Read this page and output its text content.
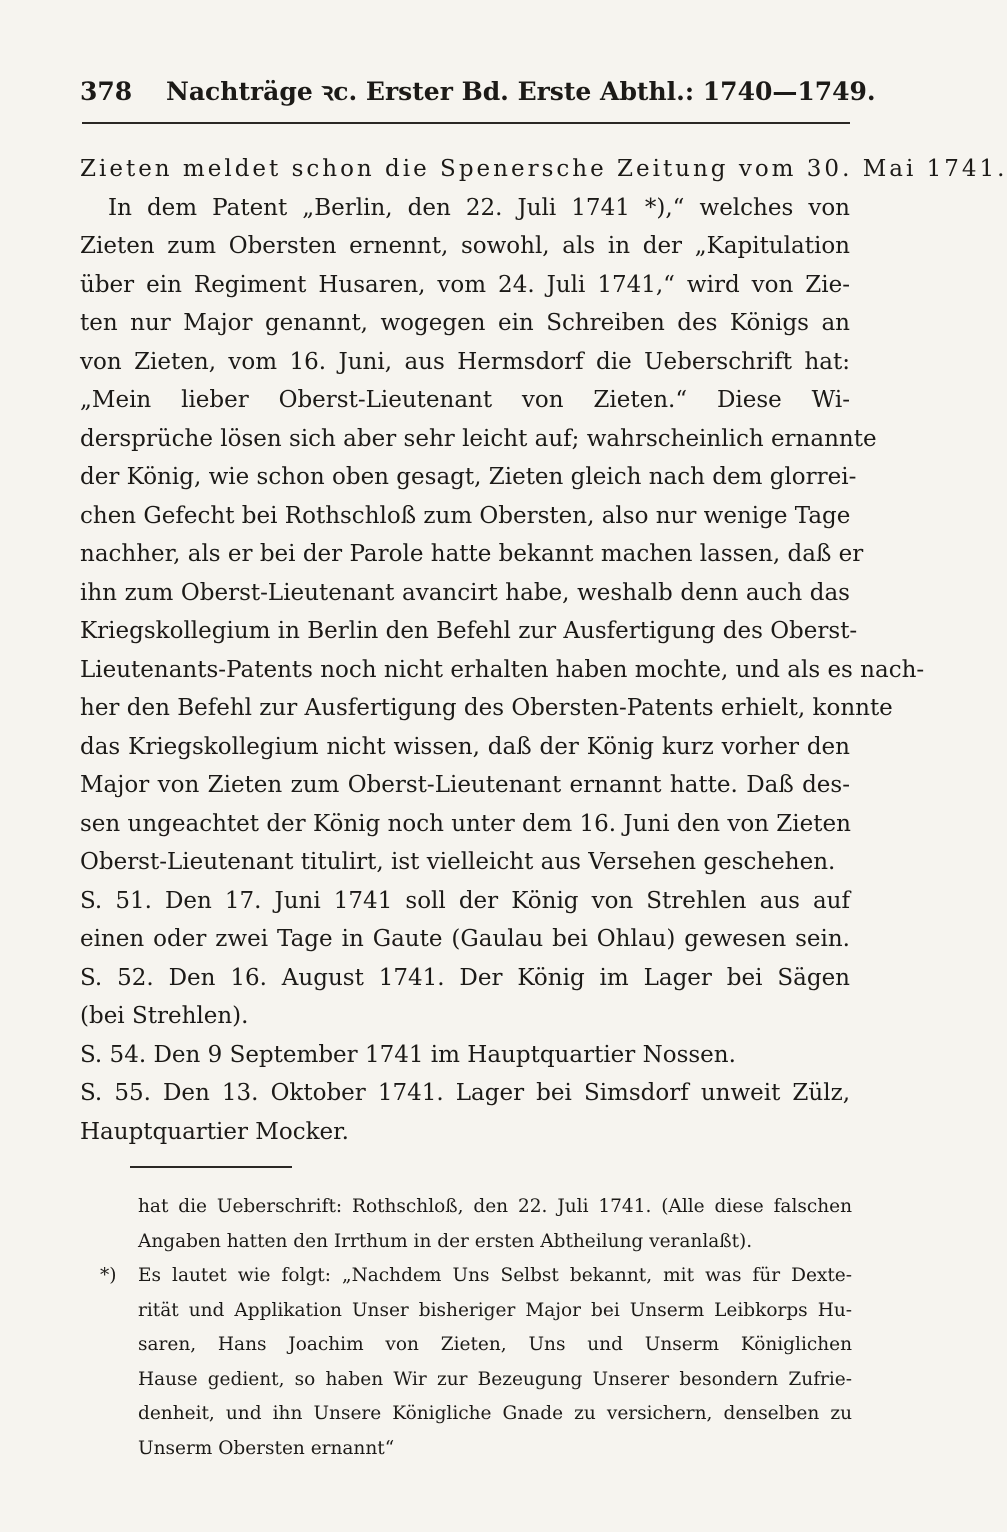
378 Nachträge ꝛc. Erster Bd. Erste Abthl.: 1740—1749.
Zieten meldet schon die Spenersche Zeitung vom 30. Mai 1741.
In dem Patent „Berlin, den 22. Juli 1741 *),“ welches von
Zieten zum Obersten ernennt, sowohl, als in der „Kapitulation
über ein Regiment Husaren, vom 24. Juli 1741,“ wird von Zie-
ten nur Major genannt, wogegen ein Schreiben des Königs an
von Zieten, vom 16. Juni, aus Hermsdorf die Ueberschrift hat:
„Mein lieber Oberst-Lieutenant von Zieten.“ Diese Wi-
dersprüche lösen sich aber sehr leicht auf; wahrscheinlich ernannte
der König, wie schon oben gesagt, Zieten gleich nach dem glorrei-
chen Gefecht bei Rothschloß zum Obersten, also nur wenige Tage
nachher, als er bei der Parole hatte bekannt machen lassen, daß er
ihn zum Oberst-Lieutenant avancirt habe, weshalb denn auch das
Kriegskollegium in Berlin den Befehl zur Ausfertigung des Oberst-
Lieutenants-Patents noch nicht erhalten haben mochte, und als es nach-
her den Befehl zur Ausfertigung des Obersten-Patents erhielt, konnte
das Kriegskollegium nicht wissen, daß der König kurz vorher den
Major von Zieten zum Oberst-Lieutenant ernannt hatte. Daß des-
sen ungeachtet der König noch unter dem 16. Juni den von Zieten
Oberst-Lieutenant titulirt, ist vielleicht aus Versehen geschehen.
S. 51. Den 17. Juni 1741 soll der König von Strehlen aus auf
einen oder zwei Tage in Gaute (Gaulau bei Ohlau) gewesen sein.
S. 52. Den 16. August 1741. Der König im Lager bei Sägen
(bei Strehlen).
S. 54. Den 9 September 1741 im Hauptquartier Nossen.
S. 55. Den 13. Oktober 1741. Lager bei Simsdorf unweit Zülz,
Hauptquartier Mocker.
hat die Ueberschrift: Rothschloß, den 22. Juli 1741. (Alle diese falschen
Angaben hatten den Irrthum in der ersten Abtheilung veranlaßt).
*) Es lautet wie folgt: „Nachdem Uns Selbst bekannt, mit was für Dexte-
rität und Applikation Unser bisheriger Major bei Unserm Leibkorps Hu-
saren, Hans Joachim von Zieten, Uns und Unserm Königlichen
Hause gedient, so haben Wir zur Bezeugung Unserer besondern Zufrie-
denheit, und ihn Unsere Königliche Gnade zu versichern, denselben zu
Unserm Obersten ernannt“
